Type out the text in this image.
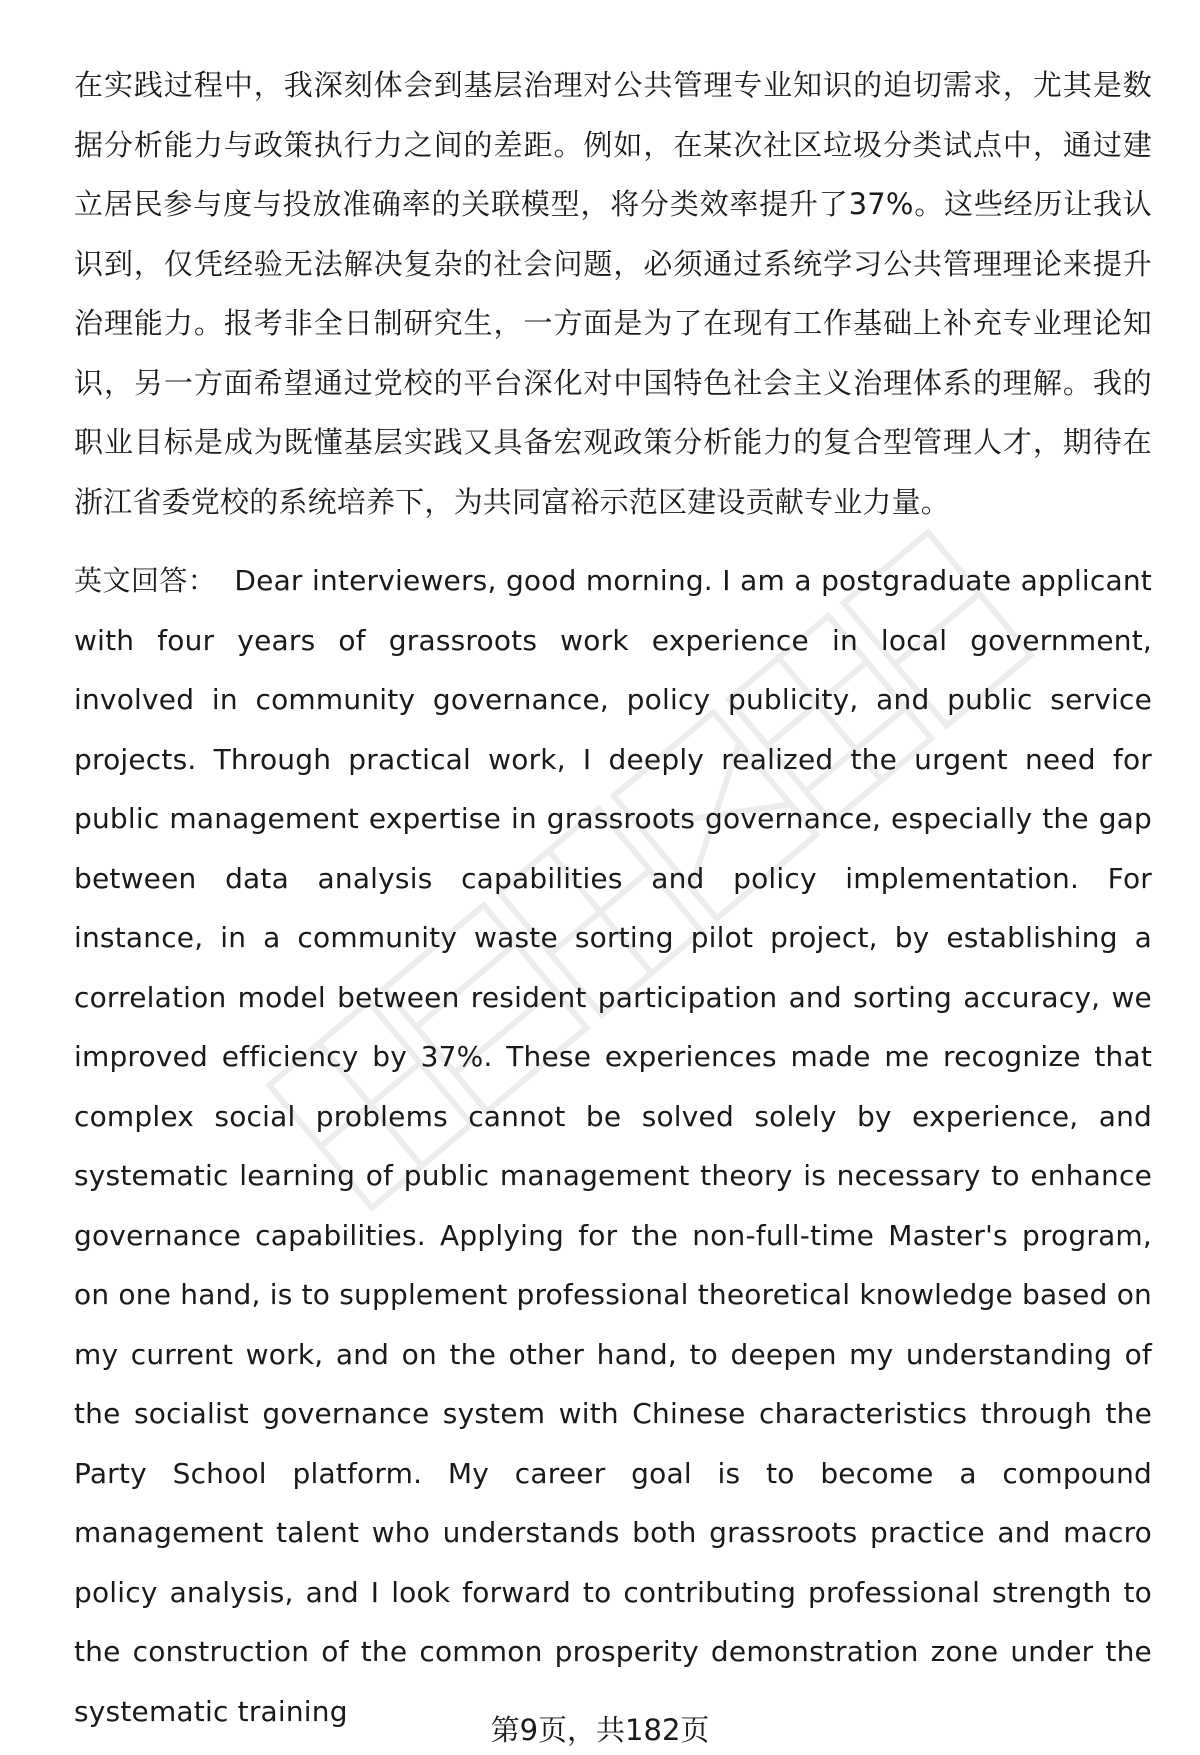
在实践过程中，我深刻体会到基层治理对公共管理专业知识的迫切需求，尤其是数据分析能力与政策执行力之间的差距。例如，在某次社区垃圾分类试点中，通过建立居民参与度与投放准确率的关联模型，将分类效率提升了37%。这些经历让我认识到，仅凭经验无法解决复杂的社会问题，必须通过系统学习公共管理理论来提升治理能力。报考非全日制研究生，一方面是为了在现有工作基础上补充专业理论知识，另一方面希望通过党校的平台深化对中国特色社会主义治理体系的理解。我的职业目标是成为既懂基层实践又具备宏观政策分析能力的复合型管理人才，期待在浙江省委党校的系统培养下，为共同富裕示范区建设贡献专业力量。

英文回答： Dear interviewers, good morning. I am a postgraduate applicant with four years of grassroots work experience in local government, involved in community governance, policy publicity, and public service projects. Through practical work, I deeply realized the urgent need for public management expertise in grassroots governance, especially the gap between data analysis capabilities and policy implementation. For instance, in a community waste sorting pilot project, by establishing a correlation model between resident participation and sorting accuracy, we improved efficiency by 37%. These experiences made me recognize that complex social problems cannot be solved solely by experience, and systematic learning of public management theory is necessary to enhance governance capabilities. Applying for the non-full-time Master's program, on one hand, is to supplement professional theoretical knowledge based on my current work, and on the other hand, to deepen my understanding of the socialist governance system with Chinese characteristics through the Party School platform. My career goal is to become a compound management talent who understands both grassroots practice and macro policy analysis, and I look forward to contributing professional strength to the construction of the common prosperity demonstration zone under the systematic training

第9页，共182页
